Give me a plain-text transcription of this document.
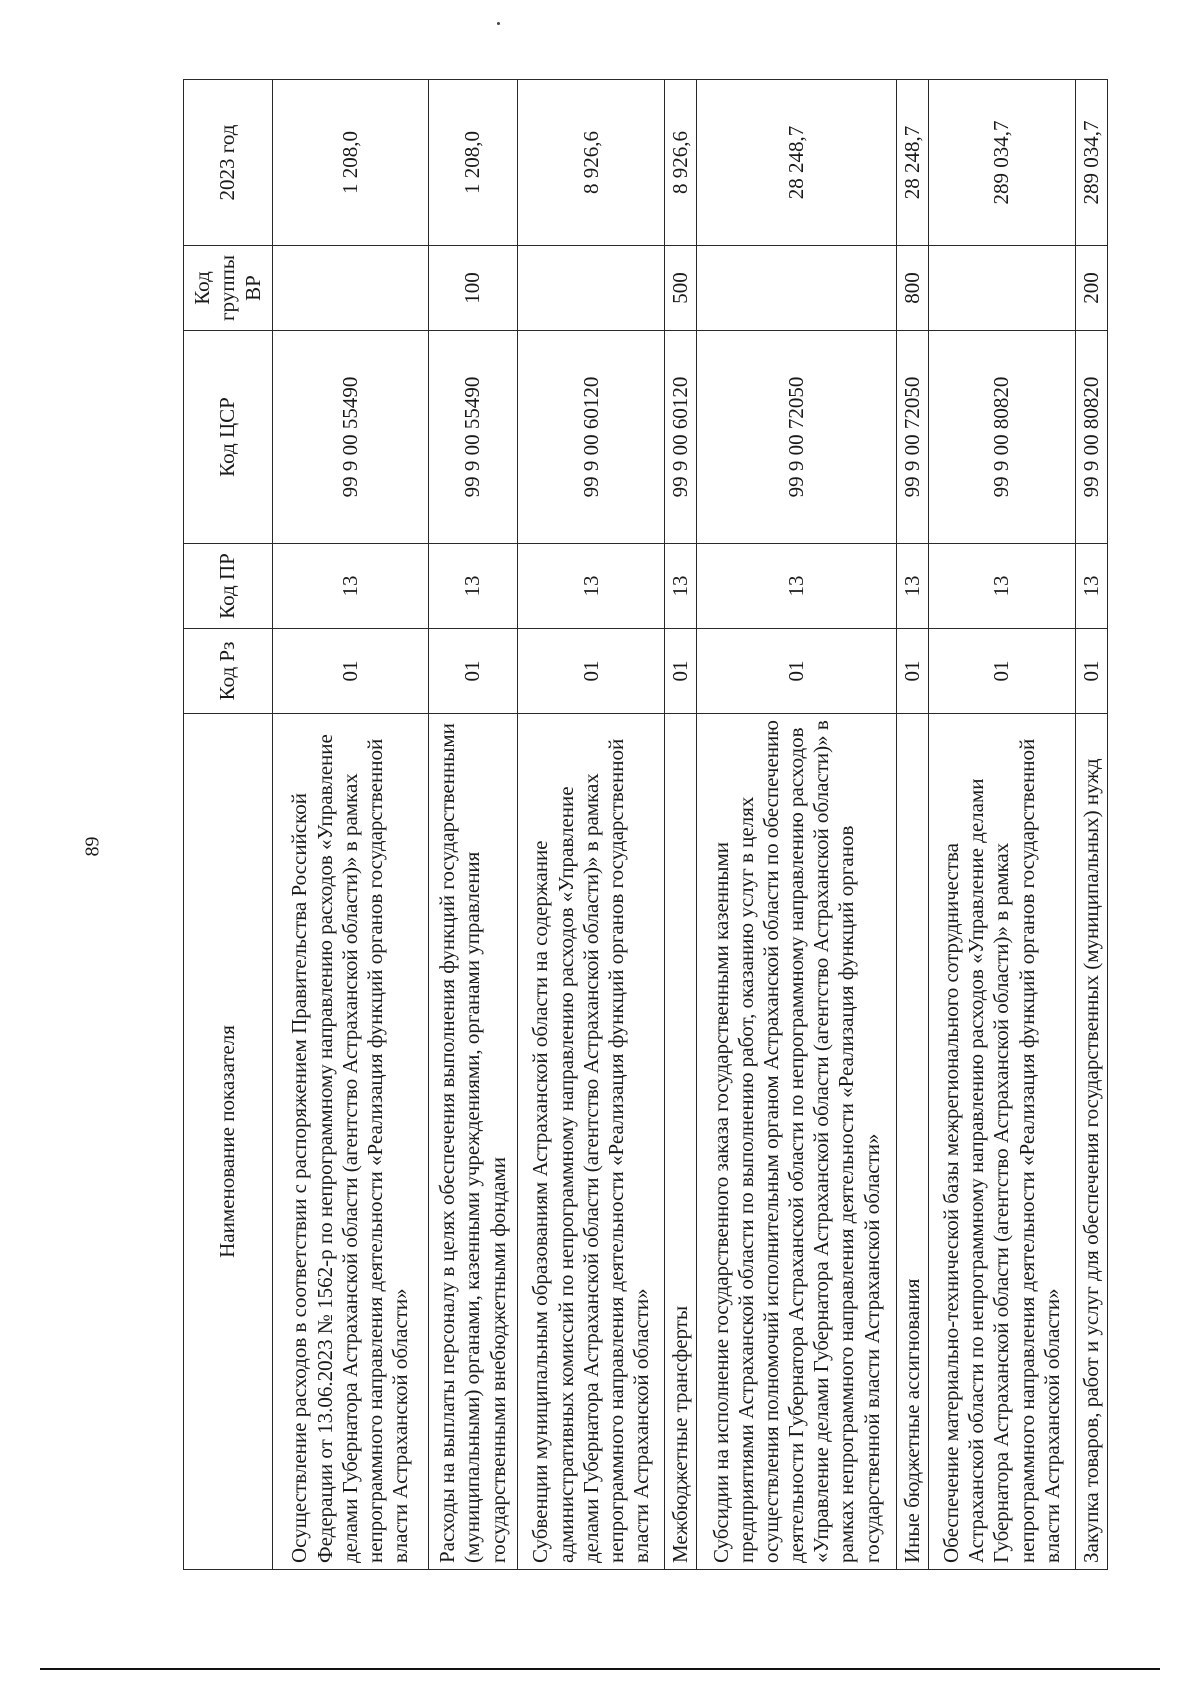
89
Наименование показателя	Код Рз	Код ПР	Код ЦСР	Код группы ВР	2023 год
Осуществление расходов в соответствии с распоряжением Правительства Российской Федерации от 13.06.2023 № 1562-р по непрограммному направлению расходов «Управление делами Губернатора Астраханской области (агентство Астраханской области)» в рамках непрограммного направления деятельности «Реализация функций органов государственной власти Астраханской области»	01	13	99 9 00 55490		1 208,0
Расходы на выплаты персоналу в целях обеспечения выполнения функций государственными (муниципальными) органами, казенными учреждениями, органами управления государственными внебюджетными фондами	01	13	99 9 00 55490	100	1 208,0
Субвенции муниципальным образованиям Астраханской области на содержание административных комиссий по непрограммному направлению расходов «Управление делами Губернатора Астраханской области (агентство Астраханской области)» в рамках непрограммного направления деятельности «Реализация функций органов государственной власти Астраханской области»	01	13	99 9 00 60120		8 926,6
Межбюджетные трансферты	01	13	99 9 00 60120	500	8 926,6
Субсидии на исполнение государственного заказа государственными казенными предприятиями Астраханской области по выполнению работ, оказанию услуг в целях осуществления полномочий исполнительным органом Астраханской области по обеспечению деятельности Губернатора Астраханской области по непрограммному направлению расходов «Управление делами Губернатора Астраханской области (агентство Астраханской области)» в рамках непрограммного направления деятельности «Реализация функций органов государственной власти Астраханской области»	01	13	99 9 00 72050		28 248,7
Иные бюджетные ассигнования	01	13	99 9 00 72050	800	28 248,7
Обеспечение материально-технической базы межрегионального сотрудничества Астраханской области по непрограммному направлению расходов «Управление делами Губернатора Астраханской области (агентство Астраханской области)» в рамках непрограммного направления деятельности «Реализация функций органов государственной власти Астраханской области»	01	13	99 9 00 80820		289 034,7
Закупка товаров, работ и услуг для обеспечения государственных (муниципальных) нужд	01	13	99 9 00 80820	200	289 034,7
